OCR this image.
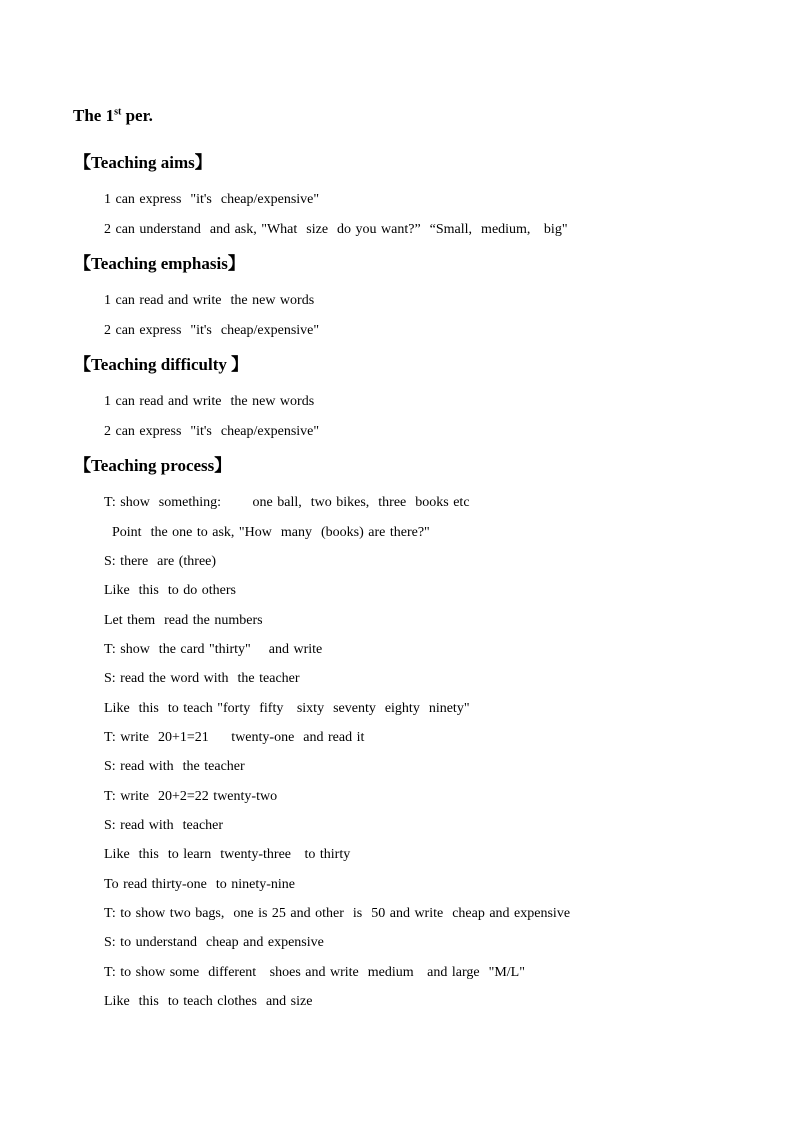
The 1st per.
【Teaching aims】
1 can express  "it's  cheap/expensive"
2 can understand  and ask, "What  size  do you want?”  “Small,  medium,   big"
【Teaching emphasis】
1 can read and write  the new words
2 can express  "it's  cheap/expensive"
【Teaching difficulty 】
1 can read and write  the new words
2 can express  "it's  cheap/expensive"
【Teaching process】
T: show  something:       one ball,  two bikes,  three  books etc
Point  the one to ask, "How  many  (books) are there?"
S: there  are (three)
Like  this  to do others
Let them  read the numbers
T: show  the card "thirty"    and write
S: read the word with  the teacher
Like  this  to teach "forty  fifty   sixty  seventy  eighty  ninety"
T: write  20+1=21     twenty-one  and read it
S: read with  the teacher
T: write  20+2=22 twenty-two
S: read with  teacher
Like  this  to learn  twenty-three   to thirty
To read thirty-one  to ninety-nine
T: to show two bags,  one is 25 and other  is  50 and write  cheap and expensive
S: to understand  cheap and expensive
T: to show some  different   shoes and write  medium   and large  "M/L"
Like  this  to teach clothes  and size
